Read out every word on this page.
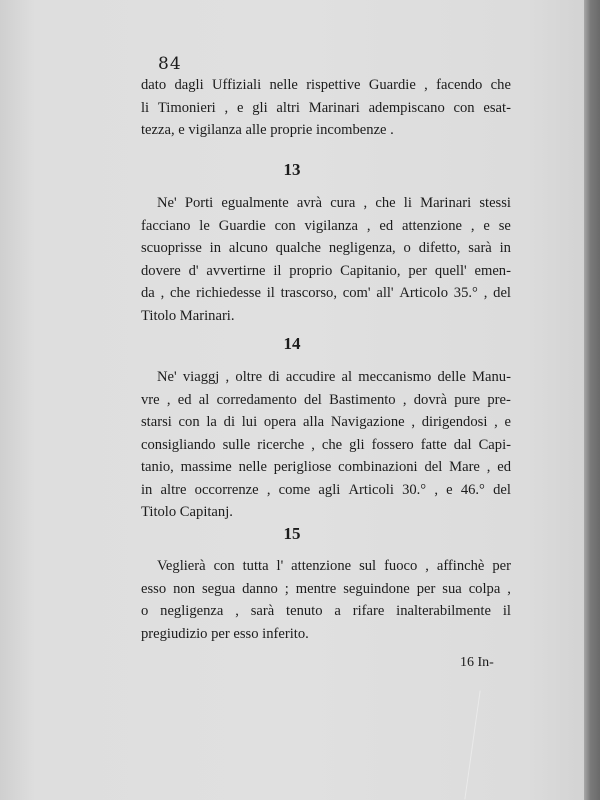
84
dato dagli Uffiziali nelle rispettive Guardie , facendo che
li Timonieri , e gli altri Marinari adempiscano con esat-
tezza, e vigilanza alle proprie incombenze .
13
Ne' Porti egualmente avrà cura , che li Marinari stessi
facciano le Guardie con vigilanza , ed attenzione , e se
scuoprisse in alcuno qualche negligenza, o difetto, sarà in
dovere d' avvertirne il proprio Capitanio, per quell' emen-
da , che richiedesse il trascorso, com' all' Articolo 35.° , del
Titolo Marinari.
14
Ne' viaggj , oltre di accudire al meccanismo delle Manu-
vre , ed al corredamento del Bastimento , dovrà pure pre-
starsi con la di lui opera alla Navigazione , dirigendosi , e
consigliando sulle ricerche , che gli fossero fatte dal Capi-
tanio, massime nelle perigliose combinazioni del Mare , ed
in altre occorrenze , come agli Articoli 30.° , e 46.° del
Titolo Capitanj.
15
Veglierà con tutta l' attenzione sul fuoco , affinchè per
esso non segua danno ; mentre seguindone per sua colpa ,
o negligenza , sarà tenuto a rifare inalterabilmente il
pregiudizio per esso inferito.
16 In-
